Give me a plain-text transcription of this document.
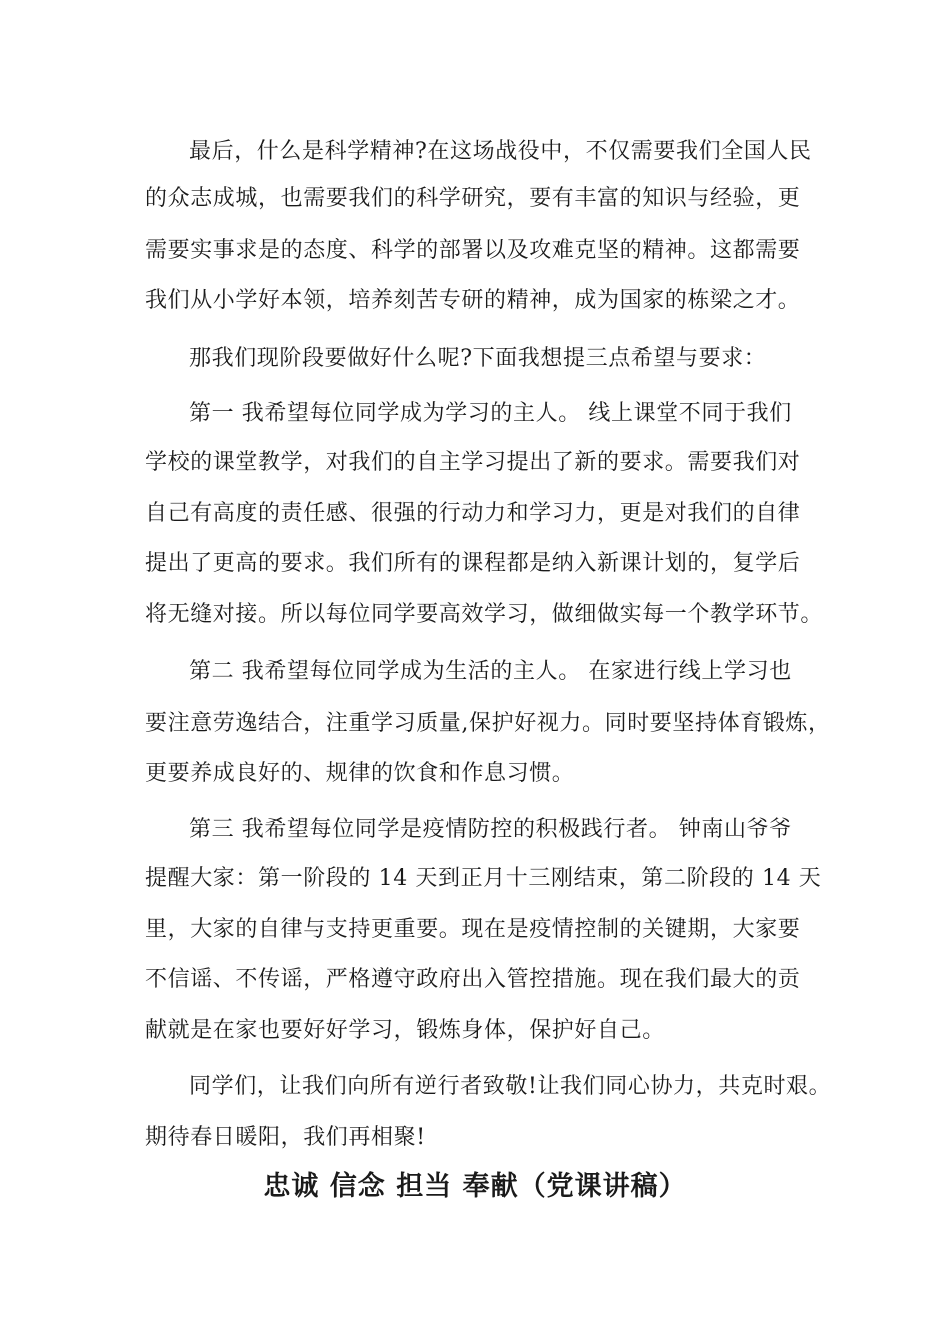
最后，什么是科学精神?在这场战役中，不仅需要我们全国人民
的众志成城，也需要我们的科学研究，要有丰富的知识与经验，更
需要实事求是的态度、科学的部署以及攻难克坚的精神。这都需要
我们从小学好本领，培养刻苦专研的精神，成为国家的栋梁之才。
那我们现阶段要做好什么呢?下面我想提三点希望与要求：
第一 我希望每位同学成为学习的主人。 线上课堂不同于我们
学校的课堂教学，对我们的自主学习提出了新的要求。需要我们对
自己有高度的责任感、很强的行动力和学习力，更是对我们的自律
提出了更高的要求。我们所有的课程都是纳入新课计划的，复学后
将无缝对接。所以每位同学要高效学习，做细做实每一个教学环节。
第二 我希望每位同学成为生活的主人。 在家进行线上学习也
要注意劳逸结合，注重学习质量,保护好视力。同时要坚持体育锻炼，
更要养成良好的、规律的饮食和作息习惯。
第三 我希望每位同学是疫情防控的积极践行者。 钟南山爷爷
提醒大家：第一阶段的 14 天到正月十三刚结束，第二阶段的 14 天
里，大家的自律与支持更重要。现在是疫情控制的关键期，大家要
不信谣、不传谣，严格遵守政府出入管控措施。现在我们最大的贡
献就是在家也要好好学习，锻炼身体，保护好自己。
同学们，让我们向所有逆行者致敬!让我们同心协力，共克时艰。
期待春日暖阳，我们再相聚!
忠诚 信念 担当 奉献（党课讲稿）
